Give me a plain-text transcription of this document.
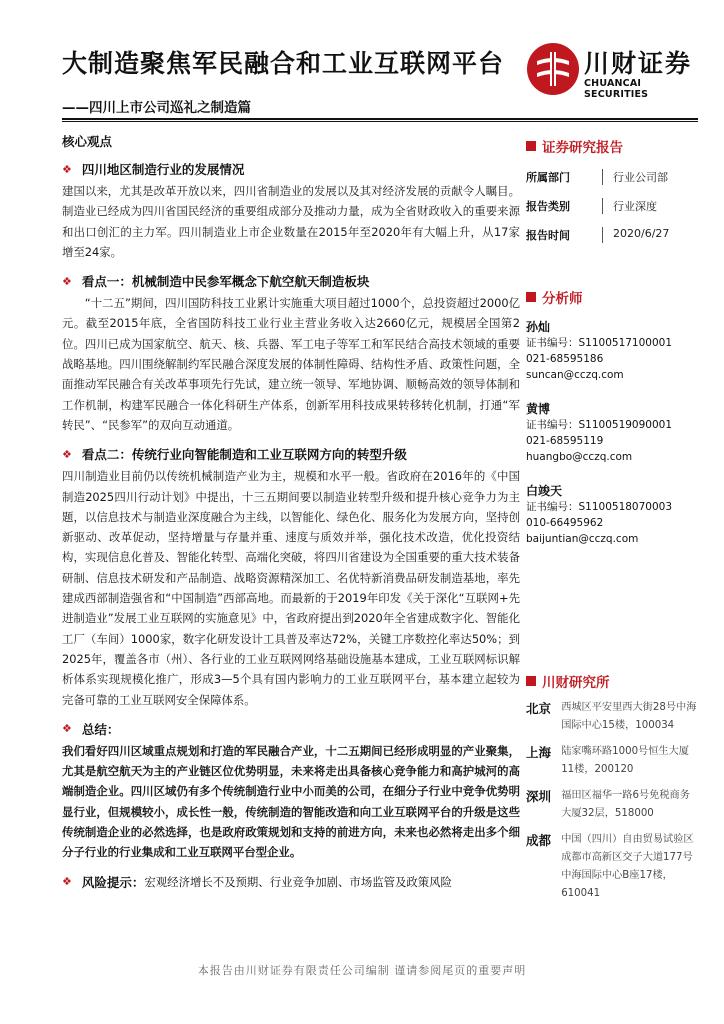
大制造聚焦军民融合和工业互联网平台
——四川上市公司巡礼之制造篇
川财证券
CHUANCAI SECURITIES
核心观点
❖ 四川地区制造行业的发展情况
建国以来，尤其是改革开放以来，四川省制造业的发展以及其对经济发展的贡献令人瞩目。制造业已经成为四川省国民经济的重要组成部分及推动力量，成为全省财政收入的重要来源和出口创汇的主力军。四川制造业上市企业数量在2015年至2020年有大幅上升，从17家增至24家。
❖ 看点一：机械制造中民参军概念下航空航天制造板块
“十二五”期间，四川国防科技工业累计实施重大项目超过1000个，总投资超过2000亿元。截至2015年底，全省国防科技工业行业主营业务收入达2660亿元，规模居全国第2位。四川已成为国家航空、航天、核、兵器、军工电子等军工和军民结合高技术领域的重要战略基地。四川围绕解制约军民融合深度发展的体制性障碍、结构性矛盾、政策性问题，全面推动军民融合有关改革事项先行先试，建立统一领导、军地协调、顺畅高效的领导体制和工作机制，构建军民融合一体化科研生产体系，创新军用科技成果转移转化机制，打通“军转民”、“民参军”的双向互动通道。
❖ 看点二：传统行业向智能制造和工业互联网方向的转型升级
四川制造业目前仍以传统机械制造产业为主，规模和水平一般。省政府在2016年的《中国制造2025四川行动计划》中提出，十三五期间要以制造业转型升级和提升核心竞争力为主题，以信息技术与制造业深度融合为主线，以智能化、绿色化、服务化为发展方向，坚持创新驱动、改革促动，坚持增量与存量并重、速度与质效并举，强化技术改造，优化投资结构，实现信息化普及、智能化转型、高端化突破，将四川省建设为全国重要的重大技术装备研制、信息技术研发和产品制造、战略资源精深加工、名优特新消费品研发制造基地，率先建成西部制造强省和“中国制造”西部高地。而最新的于2019年印发《关于深化“互联网+先进制造业”发展工业互联网的实施意见》中，省政府提出到2020年全省建成数字化、智能化工厂（车间）1000家，数字化研发设计工具普及率达72%，关键工序数控化率达50%；到2025年，覆盖各市（州）、各行业的工业互联网网络基础设施基本建成，工业互联网标识解析体系实现规模化推广，形成3—5个具有国内影响力的工业互联网平台，基本建立起较为完备可靠的工业互联网安全保障体系。
❖ 总结：
我们看好四川区域重点规划和打造的军民融合产业，十二五期间已经形成明显的产业聚集，尤其是航空航天为主的产业链区位优势明显，未来将走出具备核心竞争能力和高护城河的高端制造企业。四川区域仍有多个传统制造行业中小而美的公司，在细分子行业中竞争优势明显行业，但规模较小，成长性一般，传统制造的智能改造和向工业互联网平台的升级是这些传统制造企业的必然选择，也是政府政策规划和支持的前进方向，未来也必然将走出多个细分子行业的行业集成和工业互联网平台型企业。
❖ 风险提示： 宏观经济增长不及预期、行业竞争加剧、市场监管及政策风险
证券研究报告
所属部门	行业公司部
报告类别	行业深度
报告时间	2020/6/27
分析师
孙灿
证书编号：S1100517100001
021-68595186
suncan@cczq.com
黄博
证书编号：S1100519090001
021-68595119
huangbo@cczq.com
白竣天
证书编号：S1100518070003
010-66495962
baijuntian@cczq.com
川财研究所
北京 西城区平安里西大街28号中海国际中心15楼，100034
上海 陆家嘴环路1000号恒生大厦11楼，200120
深圳 福田区福华一路6号免税商务大厦32层，518000
成都 中国（四川）自由贸易试验区成都市高新区交子大道177号中海国际中心B座17楼，610041
本报告由川财证券有限责任公司编制 谨请参阅尾页的重要声明
